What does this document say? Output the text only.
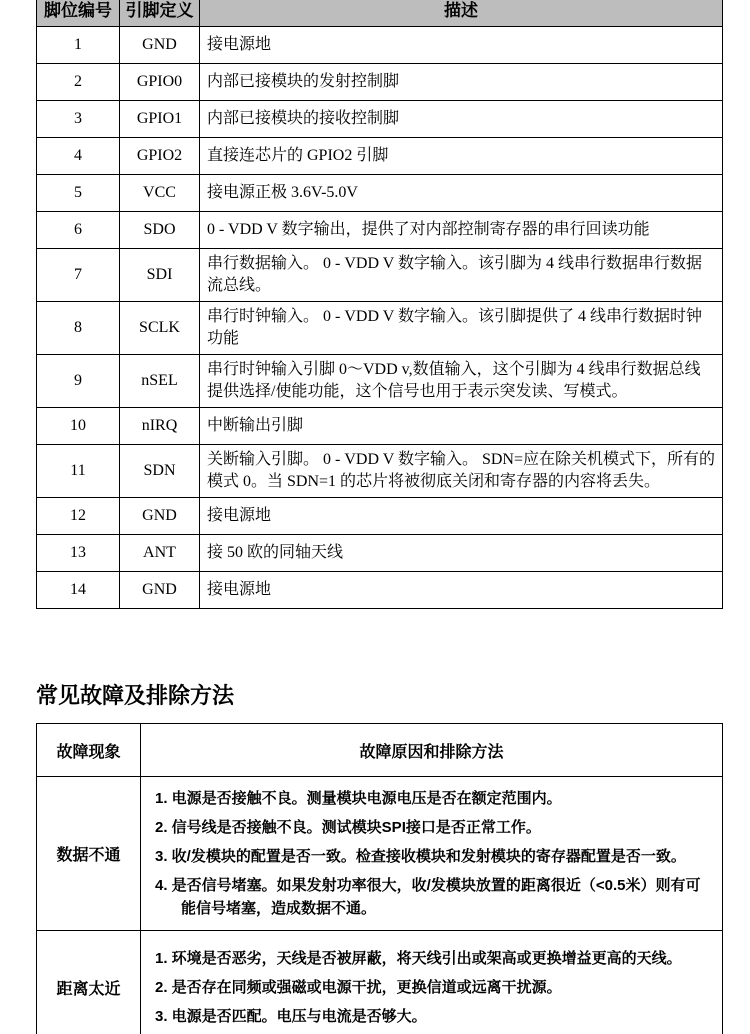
脚位编号	引脚定义	描述
1	GND	接电源地
2	GPIO0	内部已接模块的发射控制脚
3	GPIO1	内部已接模块的接收控制脚
4	GPIO2	直接连芯片的 GPIO2 引脚
5	VCC	接电源正极 3.6V-5.0V
6	SDO	0 - VDD V 数字输出，提供了对内部控制寄存器的串行回读功能
7	SDI	串行数据输入。 0 - VDD V 数字输入。该引脚为 4 线串行数据串行数据流总线。
8	SCLK	串行时钟输入。 0 - VDD V 数字输入。该引脚提供了 4 线串行数据时钟功能
9	nSEL	串行时钟输入引脚 0～VDD v,数值输入，这个引脚为 4 线串行数据总线提供选择/使能功能，这个信号也用于表示突发读、写模式。
10	nIRQ	中断输出引脚
11	SDN	关断输入引脚。 0 - VDD V 数字输入。 SDN=应在除关机模式下，所有的模式 0。当 SDN=1 的芯片将被彻底关闭和寄存器的内容将丢失。
12	GND	接电源地
13	ANT	接 50 欧的同轴天线
14	GND	接电源地
常见故障及排除方法
故障现象	故障原因和排除方法
数据不通	1. 电源是否接触不良。测量模块电源电压是否在额定范围内。
2. 信号线是否接触不良。测试模块SPI接口是否正常工作。
3. 收/发模块的配置是否一致。检查接收模块和发射模块的寄存器配置是否一致。
4. 是否信号堵塞。如果发射功率很大，收/发模块放置的距离很近（<0.5米）则有可能信号堵塞，造成数据不通。

距离太近	1. 环境是否恶劣，天线是否被屏蔽，将天线引出或架高或更换增益更高的天线。
2. 是否存在同频或强磁或电源干扰，更换信道或远离干扰源。
3. 电源是否匹配。电压与电流是否够大。
